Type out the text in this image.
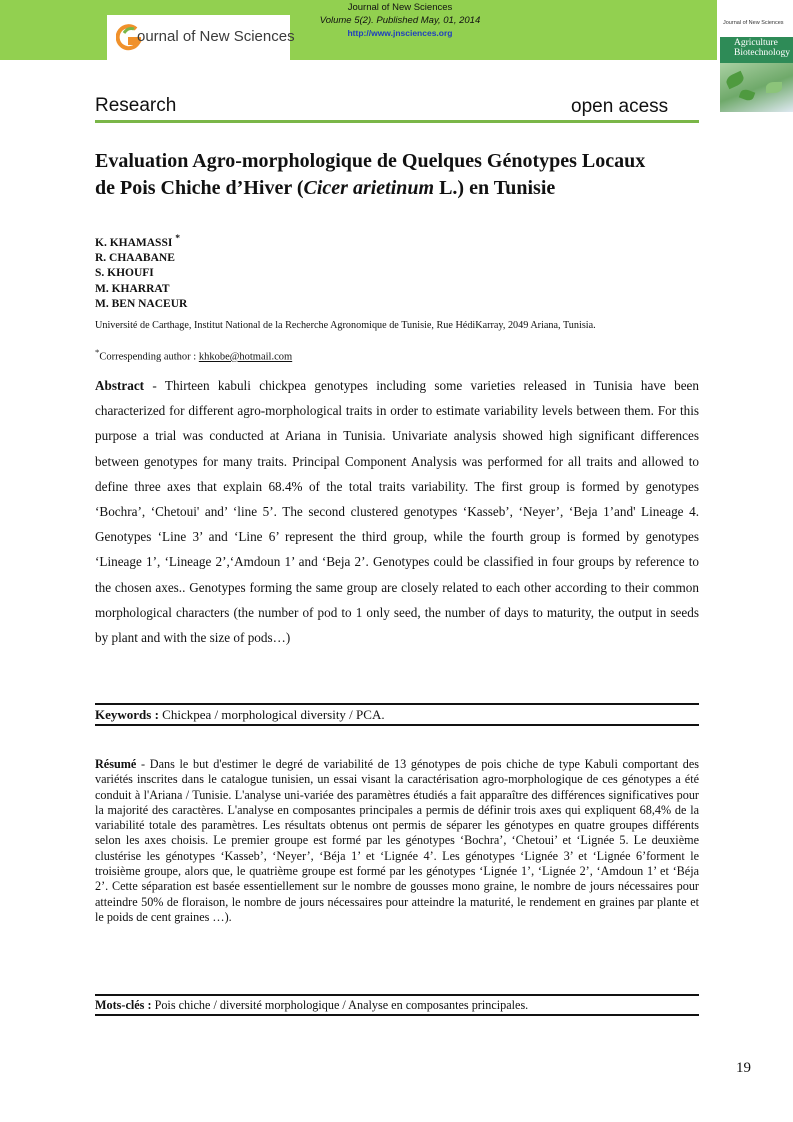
ournal of New Sciences
Journal of New Sciences
Volume 5(2). Published May, 01, 2014
http://www.jnsciences.org
Journal of New Sciences
Agriculture
Biotechnology
Research	open acess
Evaluation Agro-morphologique de Quelques Génotypes Locaux
de Pois Chiche d’Hiver (Cicer arietinum L.) en Tunisie
K. KHAMASSI *
R. CHAABANE
S. KHOUFI
M. KHARRAT
M. BEN NACEUR
Université de Carthage, Institut National de la Recherche Agronomique de Tunisie, Rue HédiKarray, 2049 Ariana, Tunisia.
*Correspending author : khkobe@hotmail.com
Abstract - Thirteen kabuli chickpea genotypes including some varieties released in Tunisia have been characterized for different agro-morphological traits in order to estimate variability levels between them. For this purpose a trial was conducted at Ariana in Tunisia. Univariate analysis showed high significant differences between genotypes for many traits. Principal Component Analysis was performed for all traits and allowed to define three axes that explain 68.4% of the total traits variability. The first group is formed by genotypes ‘Bochra’, ‘Chetoui' and’ ‘line 5’. The second clustered genotypes ‘Kasseb’, ‘Neyer’, ‘Beja 1’and' Lineage 4. Genotypes ‘Line 3’ and ‘Line 6’ represent the third group, while the fourth group is formed by genotypes ‘Lineage 1’, ‘Lineage 2’,‘Amdoun 1’ and ‘Beja 2’. Genotypes could be classified in four groups by reference to the chosen axes.. Genotypes forming the same group are closely related to each other according to their common morphological characters (the number of pod to 1 only seed, the number of days to maturity, the output in seeds by plant and with the size of pods…)
Keywords : Chickpea / morphological diversity / PCA.
Résumé - Dans le but d'estimer le degré de variabilité de 13 génotypes de pois chiche de type Kabuli comportant des variétés inscrites dans le catalogue tunisien, un essai visant la caractérisation agro-morphologique de ces génotypes a été conduit à l'Ariana / Tunisie. L'analyse uni-variée des paramètres étudiés a fait apparaître des différences significatives pour la majorité des caractères. L'analyse en composantes principales a permis de définir trois axes qui expliquent 68,4% de la variabilité totale des paramètres. Les résultats obtenus ont permis de séparer les génotypes en quatre groupes différents selon les axes choisis. Le premier groupe est formé par les génotypes ‘Bochra’, ‘Chetoui’ et ‘Lignée 5. Le deuxième clustérise les génotypes ‘Kasseb’, ‘Neyer’, ‘Béja 1’ et ‘Lignée 4’. Les génotypes ‘Lignée 3’ et ‘Lignée 6’forment le troisième groupe, alors que, le quatrième groupe est formé par les génotypes ‘Lignée 1’, ‘Lignée 2’, ‘Amdoun 1’ et ‘Béja 2’. Cette séparation est basée essentiellement sur le nombre de gousses mono graine, le nombre de jours nécessaires pour atteindre 50% de floraison, le nombre de jours nécessaires pour atteindre la maturité, le rendement en graines par plante et le poids de cent graines …).
Mots-clés : Pois chiche / diversité morphologique / Analyse en composantes principales.
19
